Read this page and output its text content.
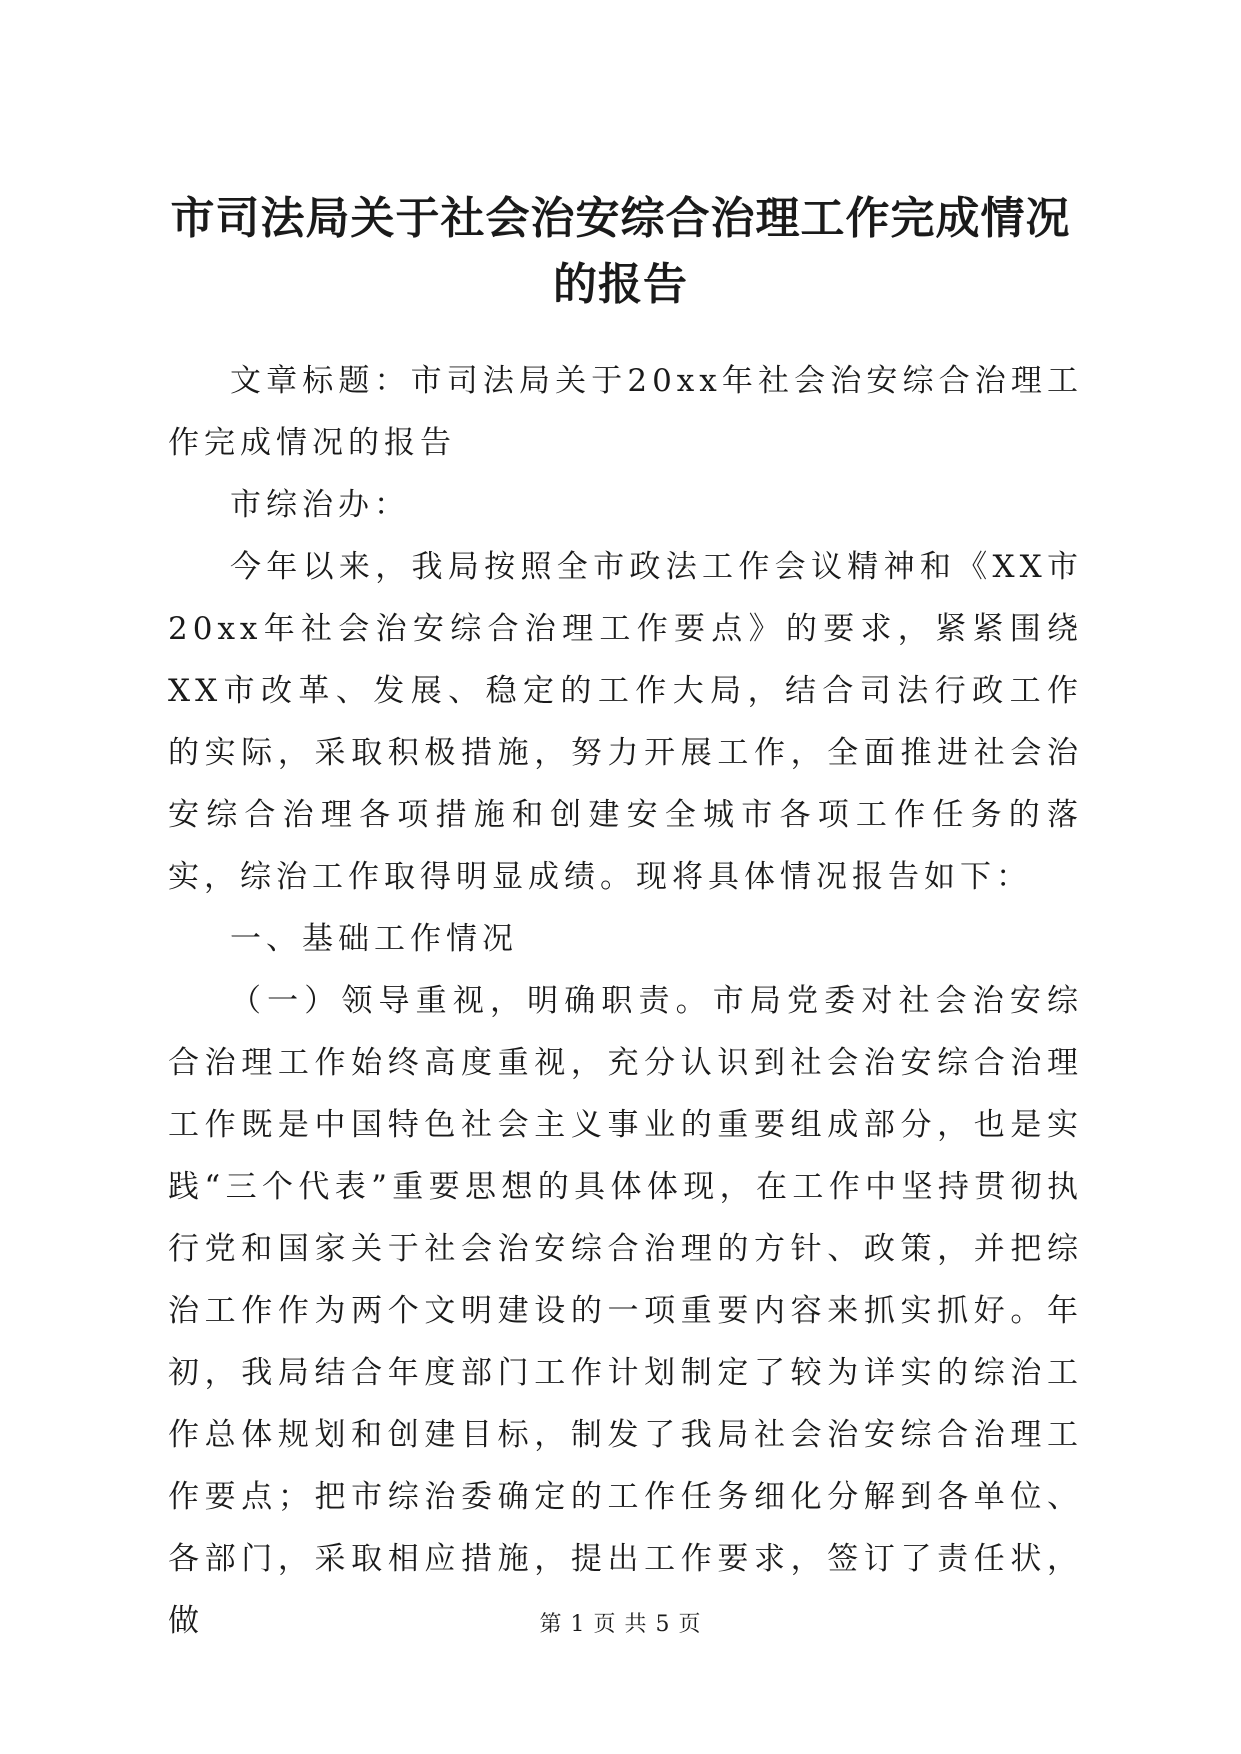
市司法局关于社会治安综合治理工作完成情况的报告

文章标题：市司法局关于20xx年社会治安综合治理工作完成情况的报告

市综治办：

今年以来，我局按照全市政法工作会议精神和《XX市20xx年社会治安综合治理工作要点》的要求，紧紧围绕XX市改革、发展、稳定的工作大局，结合司法行政工作的实际，采取积极措施，努力开展工作，全面推进社会治安综合治理各项措施和创建安全城市各项工作任务的落实，综治工作取得明显成绩。现将具体情况报告如下：

一、基础工作情况

（一）领导重视，明确职责。市局党委对社会治安综合治理工作始终高度重视，充分认识到社会治安综合治理工作既是中国特色社会主义事业的重要组成部分，也是实践“三个代表”重要思想的具体体现，在工作中坚持贯彻执行党和国家关于社会治安综合治理的方针、政策，并把综治工作作为两个文明建设的一项重要内容来抓实抓好。年初，我局结合年度部门工作计划制定了较为详实的综治工作总体规划和创建目标，制发了我局社会治安综合治理工作要点；把市综治委确定的工作任务细化分解到各单位、各部门，采取相应措施，提出工作要求，签订了责任状，做	第 1 页 共 5 页
